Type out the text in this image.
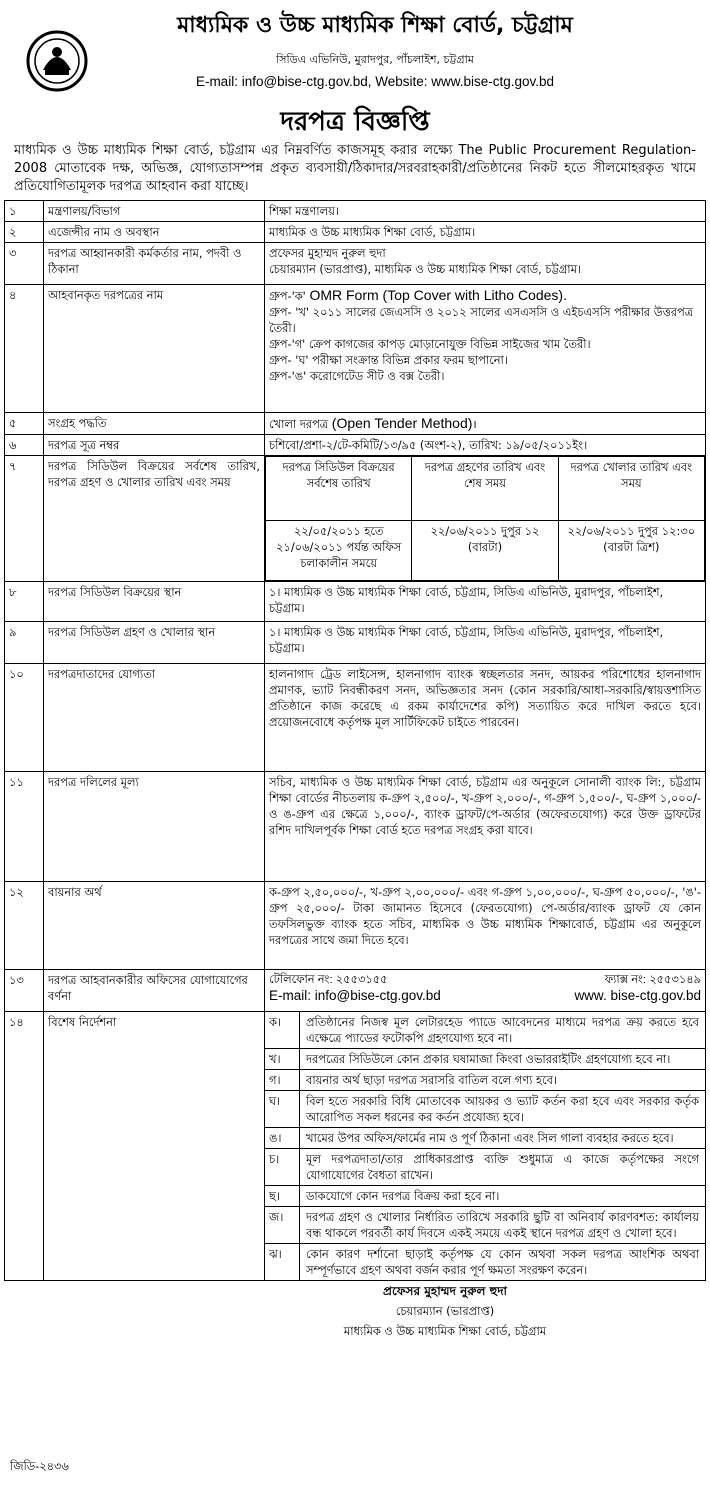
মাধ্যমিক ও উচ্চ মাধ্যমিক শিক্ষা বোর্ড, চট্টগ্রাম
সিডিএ এভিনিউ, মুরাদপুর, পাঁচলাইশ, চট্টগ্রাম
E-mail: info@bise-ctg.gov.bd, Website: www.bise-ctg.gov.bd
দরপত্র বিজ্ঞপ্তি
মাধ্যমিক ও উচ্চ মাধ্যমিক শিক্ষা বোর্ড, চট্টগ্রাম এর নিম্নবর্ণিত কাজসমূহ করার লক্ষ্যে The Public Procurement Regulation-2008 মোতাবেক দক্ষ, অভিজ্ঞ, যোগ্যতাসম্পন্ন প্রকৃত ব্যবসায়ী/ঠিকাদার/সরবরাহকারী/প্রতিষ্ঠানের নিকট হতে সীলমোহরকৃত খামে প্রতিযোগিতামূলক দরপত্র আহবান করা যাচ্ছে।
১	মন্ত্রণালয়/বিভাগ	শিক্ষা মন্ত্রণালয়।
২	এজেন্সীর নাম ও অবস্থান	মাধ্যমিক ও উচ্চ মাধ্যমিক শিক্ষা বোর্ড, চট্টগ্রাম।
৩	দরপত্র আহ্বানকারী কর্মকর্তার নাম, পদবী ও ঠিকানা	
প্রফেসর মুহাম্মদ নুরুল হুদা
চেয়ারম্যান (ভারপ্রাপ্ত), মাধ্যমিক ও উচ্চ মাধ্যমিক শিক্ষা বোর্ড, চট্টগ্রাম।

৪	আহবানকৃত দরপত্রের নাম	গ্রুপ-'ক' OMR Form (Top Cover with Litho Codes).
গ্রুপ- 'খ' ২০১১ সালের জেএসসি ও ২০১২ সালের এসএসসি ও এইচএসসি পরীক্ষার উত্তরপত্র তৈরী।
গ্রুপ-'গ' ক্রেপ কাগজের কাপড় মোড়ানোযুক্ত বিভিন্ন সাইজের খাম তৈরী।
গ্রুপ- 'ঘ' পরীক্ষা সংক্রান্ত বিভিন্ন প্রকার ফরম ছাপানো।
গ্রুপ-'ঙ' করোগেটেড সীট ও বক্স তৈরী।

৫	সংগ্রহ পদ্ধতি	খোলা দরপত্র (Open Tender Method)।
৬	দরপত্র সূত্র নম্বর	চশিবো/প্রশা-২/টে-কমিটি/১৩/৯৫ (অংশ-২), তারিখ: ১৯/০৫/২০১১ইং।
৭	দরপত্র সিডিউল বিক্রয়ের সর্বশেষ তারিখ, দরপত্র গ্রহণ ও খোলার তারিখ এবং সময়	
দরপত্র সিডিউল বিক্রয়ের সর্বশেষ তারিখ	দরপত্র গ্রহণের তারিখ এবং শেষ সময়	দরপত্র খোলার তারিখ এবং সময়
২২/০৫/২০১১ হতে ২১/০৬/২০১১ পর্যন্ত অফিস চলাকালীন সময়ে	২২/০৬/২০১১ দুপুর ১২ (বারটা)	২২/০৬/২০১১ দুপুর ১২:৩০ (বারটা ত্রিশ)

৮	দরপত্র সিডিউল বিক্রয়ের স্থান	১। মাধ্যমিক ও উচ্চ মাধ্যমিক শিক্ষা বোর্ড, চট্টগ্রাম, সিডিএ এভিনিউ, মুরাদপুর, পাঁচলাইশ, চট্টগ্রাম।
৯	দরপত্র সিডিউল গ্রহণ ও খোলার স্থান	১। মাধ্যমিক ও উচ্চ মাধ্যমিক শিক্ষা বোর্ড, চট্টগ্রাম, সিডিএ এভিনিউ, মুরাদপুর, পাঁচলাইশ, চট্টগ্রাম।
১০	দরপত্রদাতাদের যোগ্যতা	হালনাগাদ ট্রেড লাইসেন্স, হালনাগাদ ব্যাংক স্বচ্ছলতার সনদ, আয়কর পরিশোধের হালনাগাদ প্রমাণক, ভ্যাট নিবন্ধীকরণ সনদ, অভিজ্ঞতার সনদ (কোন সরকারি/আধা-সরকারি/স্বায়ত্তশাসিত প্রতিষ্ঠানে কাজ করেছে এ রকম কার্যাদেশের কপি) সত্যায়িত করে দাখিল করতে হবে। প্রয়োজনবোধে কর্তৃপক্ষ মূল সার্টিফিকেট চাইতে পারবেন।
১১	দরপত্র দলিলের মূল্য	সচিব, মাধ্যমিক ও উচ্চ মাধ্যমিক শিক্ষা বোর্ড, চট্টগ্রাম এর অনুকূলে সোনালী ব্যাংক লি:, চট্টগ্রাম শিক্ষা বোর্ডের নীচতলায় ক-গ্রুপ ২,৫০০/-, খ-গ্রুপ ২,০০০/-, গ-গ্রুপ ১,৫০০/-, ঘ-গ্রুপ ১,০০০/- ও ঙ-গ্রুপ এর ক্ষেত্রে ১,০০০/-, ব্যাংক ড্রাফট/পে-অর্ডার (অফেরতযোগ্য) করে উক্ত ড্রাফটের রশিদ দাখিলপূর্বক শিক্ষা বোর্ড হতে দরপত্র সংগ্রহ করা যাবে।
১২	বায়নার অর্থ	ক-গ্রুপ ২,৫০,০০০/-, খ-গ্রুপ ২,০০,০০০/- এবং গ-গ্রুপ ১,০০,০০০/-, ঘ-গ্রুপ ৫০,০০০/-, 'ঙ'-গ্রুপ ২৫,০০০/- টাকা জামানত হিসেবে (ফেরতযোগ্য) পে-অর্ডার/ব্যাংক ড্রাফট যে কোন তফসিলভুক্ত ব্যাংক হতে সচিব, মাধ্যমিক ও উচ্চ মাধ্যমিক শিক্ষাবোর্ড, চট্টগ্রাম এর অনুকূলে দরপত্রের সাথে জমা দিতে হবে।
১৩	দরপত্র আহবানকারীর অফিসের যোগাযোগের বর্ণনা	
টেলিফোন নং: ২৫৫৩১৫৫	ফ্যাক্স নং: ২৫৫৩১৪৯
E-mail: info@bise-ctg.gov.bd	www. bise-ctg.gov.bd

১৪	বিশেষ নির্দেশনা	ক।	প্রতিষ্ঠানের নিজস্ব মূল লেটারহেড প্যাডে আবেদনের মাধ্যমে দরপত্র ক্রয় করতে হবে এক্ষেত্রে প্যাডের ফটোকপি গ্রহণযোগ্য হবে না।
খ।	দরপত্রের সিডিউলে কোন প্রকার ঘষামাজা কিংবা ওভাররাইটিং গ্রহণযোগ্য হবে না।
গ।	বায়নার অর্থ ছাড়া দরপত্র সরাসরি বাতিল বলে গণ্য হবে।
ঘ।	বিল হতে সরকারি বিধি মোতাবেক আয়কর ও ভ্যাট কর্তন করা হবে এবং সরকার কর্তৃক আরোপিত সকল ধরনের কর কর্তন প্রযোজ্য হবে।
ঙ।	খামের উপর অফিস/ফার্মের নাম ও পূর্ণ ঠিকানা এবং সিল গালা ব্যবহার করতে হবে।
চ।	মূল দরপত্রদাতা/তার প্রাধিকারপ্রাপ্ত ব্যক্তি শুধুমাত্র এ কাজে কর্তৃপক্ষের সংগে যোগাযোগের বৈধতা রাখেন।
ছ।	ডাকযোগে কোন দরপত্র বিক্রয় করা হবে না।
জ।	দরপত্র গ্রহণ ও খোলার নির্ধারিত তারিখে সরকারি ছুটি বা অনিবার্য কারণবশত: কার্যালয় বন্ধ থাকলে পরবর্তী কার্য দিবসে একই সময়ে একই স্থানে দরপত্র গ্রহণ ও খোলা হবে।
ঝ।	কোন কারণ দর্শানো ছাড়াই কর্তৃপক্ষ যে কোন অথবা সকল দরপত্র আংশিক অথবা সম্পূর্ণভাবে গ্রহণ অথবা বর্জন করার পূর্ণ ক্ষমতা সংরক্ষণ করেন।
প্রফেসর মুহাম্মদ নুরুল হুদা
চেয়ারম্যান (ভারপ্রাপ্ত)
মাধ্যমিক ও উচ্চ মাধ্যমিক শিক্ষা বোর্ড, চট্টগ্রাম
জিডি-২৪৩৬
